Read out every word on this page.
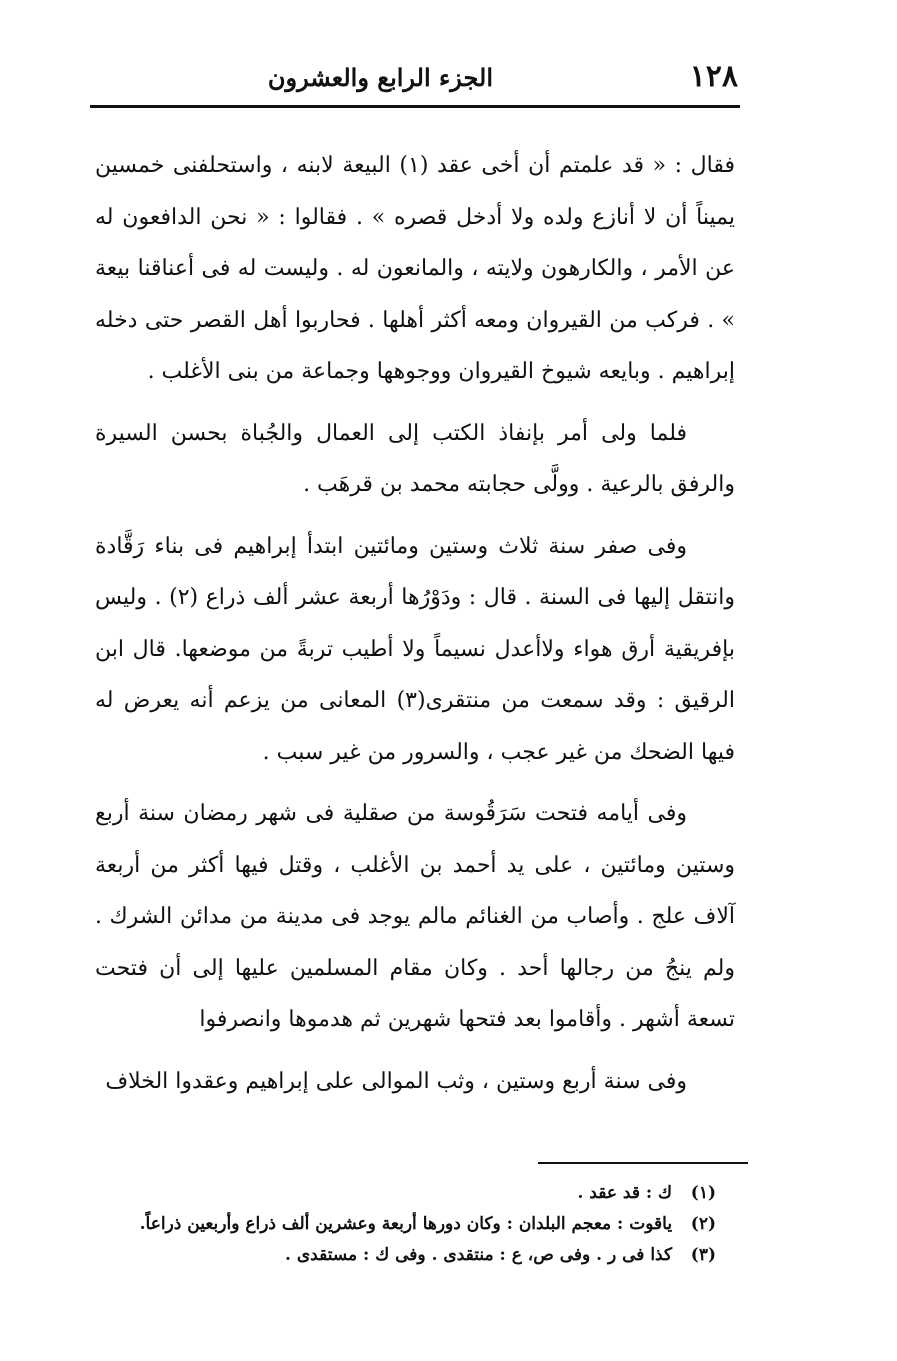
١٢٨
الجزء الرابع والعشرون

فقال : « قد علمتم أن أخى عقد (١) البيعة لابنه ، واستحلفنى خمسين يميناً أن لا أنازع ولده ولا أدخل قصره » . فقالوا : « نحن الدافعون له عن الأمر ، والكارهون ولايته ، والمانعون له . وليست له فى أعناقنا بيعة » . فركب من القيروان ومعه أكثر أهلها . فحاربوا أهل القصر حتى دخله إبراهيم . وبايعه شيوخ القيروان ووجوهها وجماعة من بنى الأغلب .

فلما ولى أمر بإنفاذ الكتب إلى العمال والجُباة بحسن السيرة والرفق بالرعية . وولَّى حجابته محمد بن قرهَب .

وفى صفر سنة ثلاث وستين ومائتين ابتدأ إبراهيم فى بناء رَقَّادة وانتقل إليها فى السنة . قال : ودَوْرُها أربعة عشر ألف ذراع (٢) . وليس بإفريقية أرق هواء ولاأعدل نسيماً ولا أطيب تربةً من موضعها. قال ابن الرقيق : وقد سمعت من منتقرى(٣) المعانى من يزعم أنه يعرض له فيها الضحك من غير عجب ، والسرور من غير سبب .

وفى أيامه فتحت سَرَقُوسة من صقلية فى شهر رمضان سنة أربع وستين ومائتين ، على يد أحمد بن الأغلب ، وقتل فيها أكثر من أربعة آلاف علج . وأصاب من الغنائم مالم يوجد فى مدينة من مدائن الشرك . ولم ينجُ من رجالها أحد . وكان مقام المسلمين عليها إلى أن فتحت تسعة أشهر . وأقاموا بعد فتحها شهرين ثم هدموها وانصرفوا

وفى سنة أربع وستين ، وثب الموالى على إبراهيم وعقدوا الخلاف

(١) ك : قد عقد .
(٢) ياقوت : معجم البلدان : وكان دورها أربعة وعشرين ألف ذراع وأربعين ذراعاً.
(٣) كذا فى ر . وفى ص، ع : منتقدى . وفى ك : مستقدى .
